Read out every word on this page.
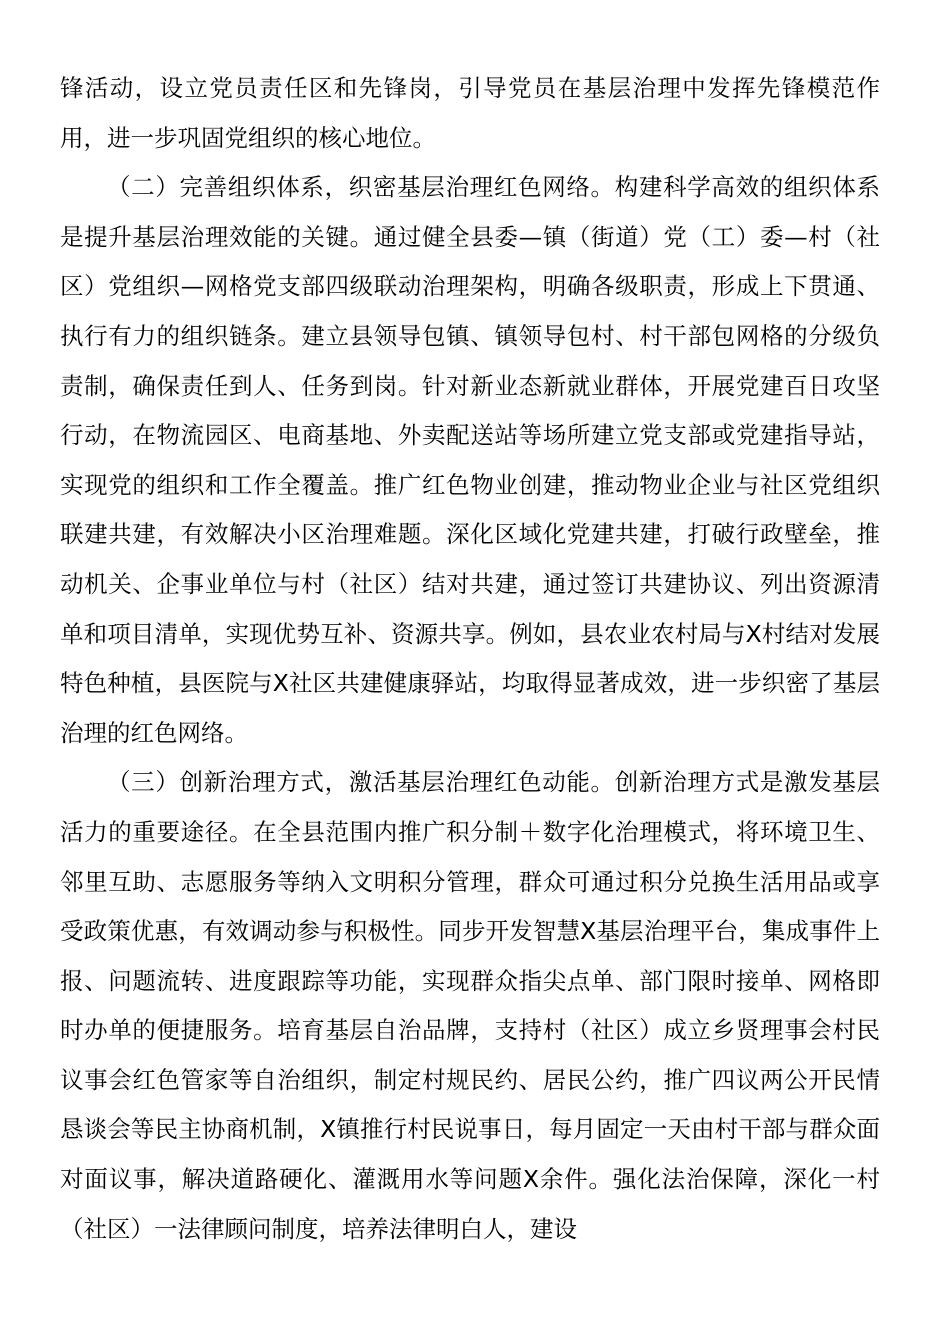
锋活动，设立党员责任区和先锋岗，引导党员在基层治理中发挥先锋模范作用，进一步巩固党组织的核心地位。

（二）完善组织体系，织密基层治理红色网络。构建科学高效的组织体系是提升基层治理效能的关键。通过健全县委—镇（街道）党（工）委—村（社区）党组织—网格党支部四级联动治理架构，明确各级职责，形成上下贯通、执行有力的组织链条。建立县领导包镇、镇领导包村、村干部包网格的分级负责制，确保责任到人、任务到岗。针对新业态新就业群体，开展党建百日攻坚行动，在物流园区、电商基地、外卖配送站等场所建立党支部或党建指导站，实现党的组织和工作全覆盖。推广红色物业创建，推动物业企业与社区党组织联建共建，有效解决小区治理难题。深化区域化党建共建，打破行政壁垒，推动机关、企事业单位与村（社区）结对共建，通过签订共建协议、列出资源清单和项目清单，实现优势互补、资源共享。例如，县农业农村局与X村结对发展特色种植，县医院与X社区共建健康驿站，均取得显著成效，进一步织密了基层治理的红色网络。

（三）创新治理方式，激活基层治理红色动能。创新治理方式是激发基层活力的重要途径。在全县范围内推广积分制＋数字化治理模式，将环境卫生、邻里互助、志愿服务等纳入文明积分管理，群众可通过积分兑换生活用品或享受政策优惠，有效调动参与积极性。同步开发智慧X基层治理平台，集成事件上报、问题流转、进度跟踪等功能，实现群众指尖点单、部门限时接单、网格即时办单的便捷服务。培育基层自治品牌，支持村（社区）成立乡贤理事会村民议事会红色管家等自治组织，制定村规民约、居民公约，推广四议两公开民情恳谈会等民主协商机制，X镇推行村民说事日，每月固定一天由村干部与群众面对面议事，解决道路硬化、灌溉用水等问题X余件。强化法治保障，深化一村（社区）一法律顾问制度，培养法律明白人，建设
